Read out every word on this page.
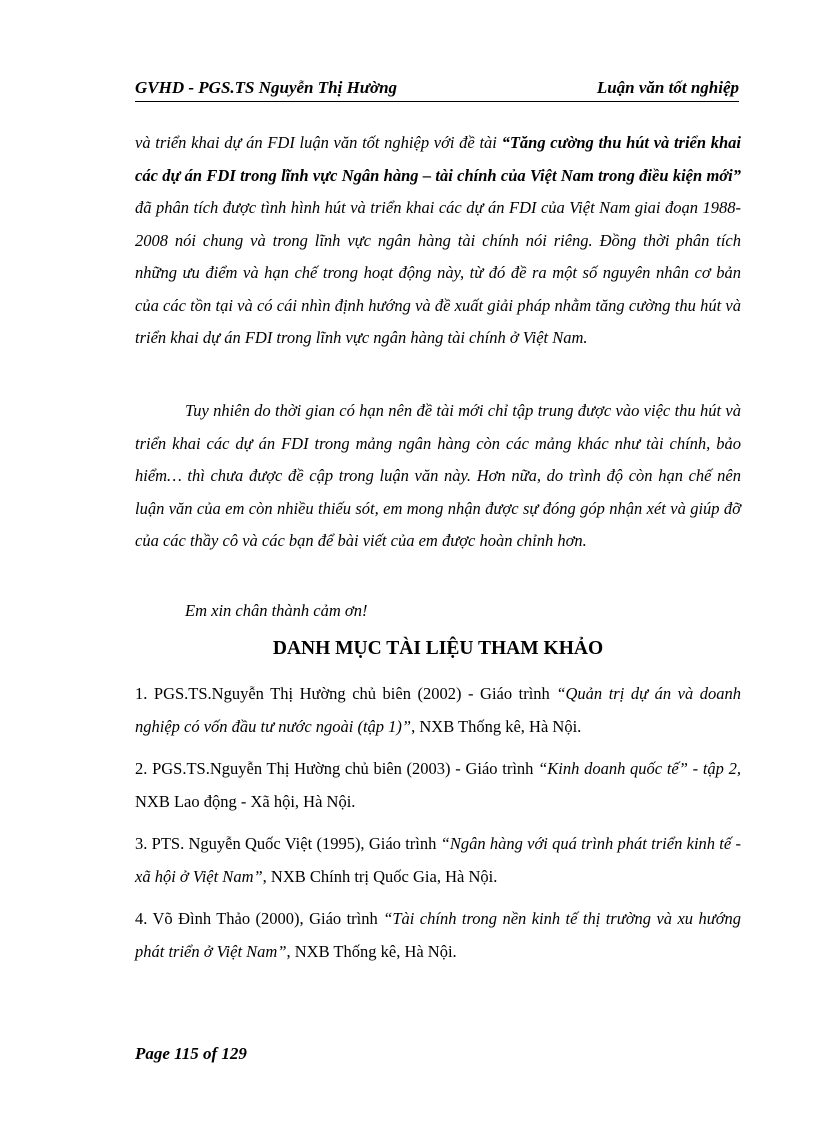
GVHD - PGS.TS Nguyễn Thị Hường	Luận văn tốt nghiệp
và triển khai dự án FDI luận văn tốt nghiệp với đề tài “Tăng cường thu hút và triển khai các dự án FDI trong lĩnh vực Ngân hàng – tài chính của Việt Nam trong điều kiện mới” đã phân tích được tình hình hút và triển khai các dự án FDI của Việt Nam giai đoạn 1988-2008 nói chung và trong lĩnh vực ngân hàng tài chính nói riêng. Đồng thời phân tích những ưu điểm và hạn chế trong hoạt động này, từ đó đề ra một số nguyên nhân cơ bản của các tồn tại và có cái nhìn định hướng và đề xuất giải pháp nhằm tăng cường thu hút và triển khai dự án FDI trong lĩnh vực ngân hàng tài chính ở Việt Nam.
Tuy nhiên do thời gian có hạn nên đề tài mới chỉ tập trung được vào việc thu hút và triển khai các dự án FDI trong mảng ngân hàng còn các mảng khác như tài chính, bảo hiểm… thì chưa được đề cập trong luận văn này. Hơn nữa, do trình độ còn hạn chế nên luận văn của em còn nhiều thiếu sót, em mong nhận được sự đóng góp nhận xét và giúp đỡ của các thầy cô và các bạn để bài viết của em được hoàn chỉnh hơn.
Em xin chân thành cảm ơn!
DANH MỤC TÀI LIỆU THAM KHẢO
1. PGS.TS.Nguyễn Thị Hường chủ biên (2002) - Giáo trình “Quản trị dự án và doanh nghiệp có vốn đầu tư nước ngoài (tập 1)”, NXB Thống kê, Hà Nội.
2. PGS.TS.Nguyễn Thị Hường chủ biên (2003) - Giáo trình “Kinh doanh quốc tế” - tập 2, NXB Lao động - Xã hội, Hà Nội.
3. PTS. Nguyễn Quốc Việt (1995), Giáo trình “Ngân hàng với quá trình phát triển kinh tế - xã hội ở Việt Nam”, NXB Chính trị Quốc Gia, Hà Nội.
4. Võ Đình Thảo (2000), Giáo trình “Tài chính trong nền kinh tế thị trường và xu hướng phát triển ở Việt Nam”, NXB Thống kê, Hà Nội.
Page 115 of 129
